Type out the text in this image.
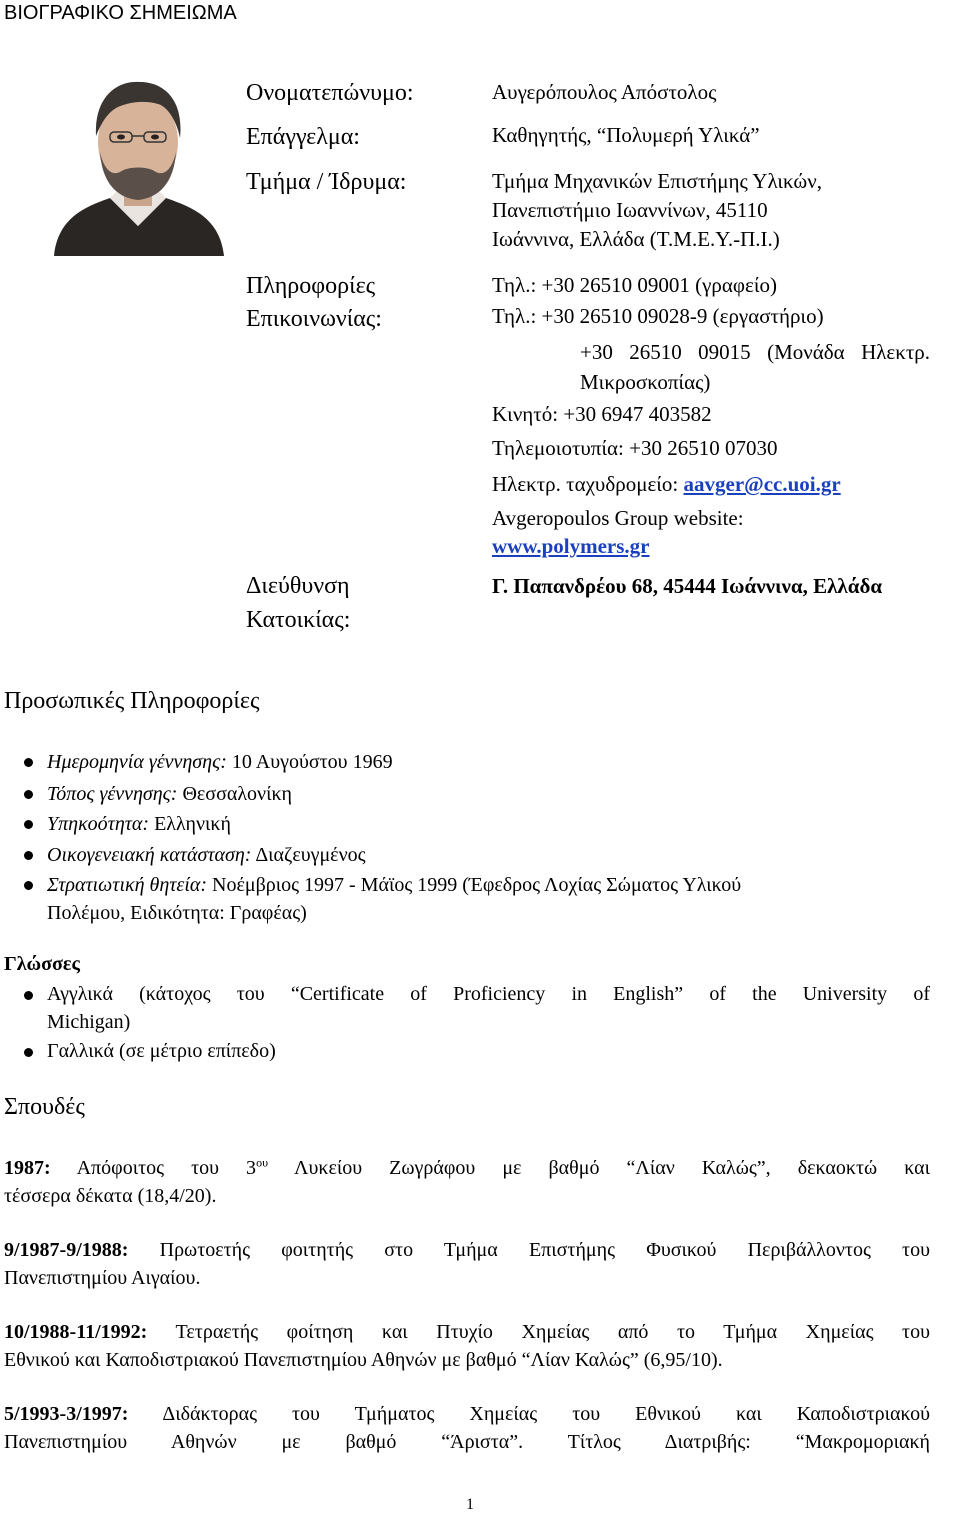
ΒΙΟΓΡΑΦΙΚΟ ΣΗΜΕΙΩΜΑ
Ονοματεπώνυμο:
Επάγγελμα:
Τμήμα / Ίδρυμα:
Πληροφορίες
Επικοινωνίας:
Διεύθυνση
Κατοικίας:
Αυγερόπουλος Απόστολος
Καθηγητής, “Πολυμερή Υλικά”
Τμήμα Μηχανικών Επιστήμης Υλικών,
Πανεπιστήμιο Ιωαννίνων, 45110
Ιωάννινα, Ελλάδα (Τ.Μ.Ε.Υ.-Π.Ι.)
Τηλ.: +30 26510 09001 (γραφείο)
Τηλ.: +30 26510 09028-9 (εργαστήριο)
+30 26510 09015 (Μονάδα Ηλεκτρ.
Μικροσκοπίας)
Κινητό: +30 6947 403582
Τηλεμοιοτυπία: +30 26510 07030
Ηλεκτρ. ταχυδρομείο: aavger@cc.uoi.gr
Avgeropoulos Group website:
www.polymers.gr
Γ. Παπανδρέου 68, 45444 Ιωάννινα, Ελλάδα
Προσωπικές Πληροφορίες
Ημερομηνία γέννησης: 10 Αυγούστου 1969
Τόπος γέννησης: Θεσσαλονίκη
Υπηκοότητα: Ελληνική
Οικογενειακή κατάσταση: Διαζευγμένος
Στρατιωτική θητεία: Νοέμβριος 1997 - Μάϊος 1999 (Έφεδρος Λοχίας Σώματος Υλικού
Πολέμου, Ειδικότητα: Γραφέας)
Γλώσσες
Αγγλικά (κάτοχος του “Certificate of Proficiency in English” of the University of
Michigan)
Γαλλικά (σε μέτριο επίπεδο)
Σπουδές
1987: Απόφοιτος του $3^{o\upsilon}$ Λυκείου Ζωγράφου με βαθμό “Λίαν Καλώς”, δεκαοκτώ και
τέσσερα δέκατα (18,4/20).
9/1987-9/1988: Πρωτοετής φοιτητής στο Τμήμα Επιστήμης Φυσικού Περιβάλλοντος του
Πανεπιστημίου Αιγαίου.
10/1988-11/1992: Τετραετής φοίτηση και Πτυχίο Χημείας από το Τμήμα Χημείας του
Εθνικού και Καποδιστριακού Πανεπιστημίου Αθηνών με βαθμό “Λίαν Καλώς” (6,95/10).
5/1993-3/1997: Διδάκτορας του Τμήματος Χημείας του Εθνικού και Καποδιστριακού
Πανεπιστημίου Αθηνών με βαθμό “Άριστα”. Τίτλος Διατριβής: “Μακρομοριακή
1
